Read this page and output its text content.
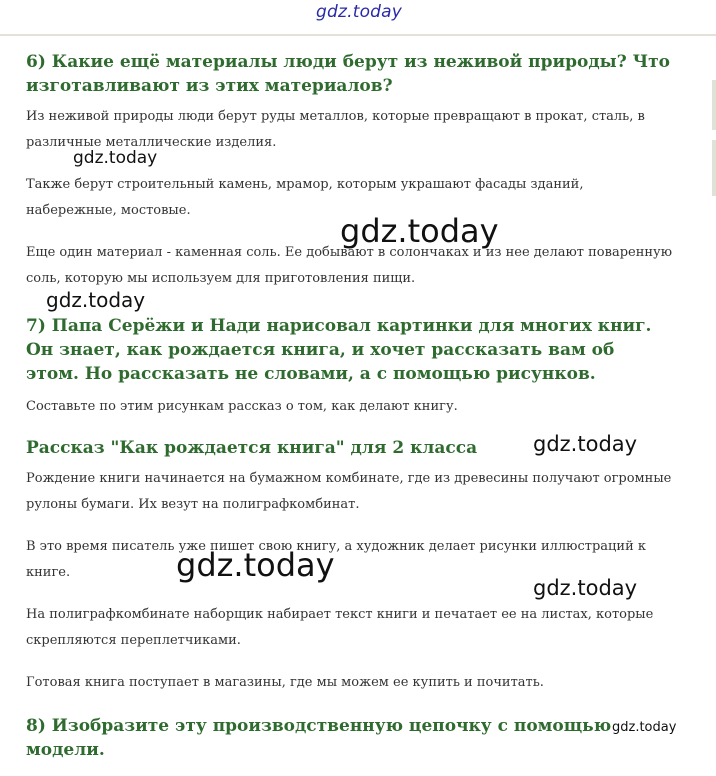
gdz.today
6) Какие ещё материалы люди берут из неживой природы? Что изготавливают из этих материалов?

Из неживой природы люди берут руды металлов, которые превращают в прокат, сталь, в различные металлические изделия.

Также берут строительный камень, мрамор, которым украшают фасады зданий, набережные, мостовые.

Еще один материал - каменная соль. Ее добывают в солончаках и из нее делают поваренную соль, которую мы используем для приготовления пищи.

7) Папа Серёжи и Нади нарисовал картинки для многих книг. Он знает, как рождается книга, и хочет рассказать вам об этом. Но рассказать не словами, а с помощью рисунков.

Составьте по этим рисункам рассказ о том, как делают книгу.

Рассказ "Как рождается книга" для 2 класса

Рождение книги начинается на бумажном комбинате, где из древесины получают огромные рулоны бумаги. Их везут на полиграфкомбинат.

В это время писатель уже пишет свою книгу, а художник делает рисунки иллюстраций к книге.

На полиграфкомбинате наборщик набирает текст книги и печатает ее на листах, которые скрепляются переплетчиками.

Готовая книга поступает в магазины, где мы можем ее купить и почитать.

8) Изобразите эту производственную цепочку с помощью модели.
gdz.today
gdz.today
gdz.today
gdz.today
gdz.today
gdz.today
gdz.today
